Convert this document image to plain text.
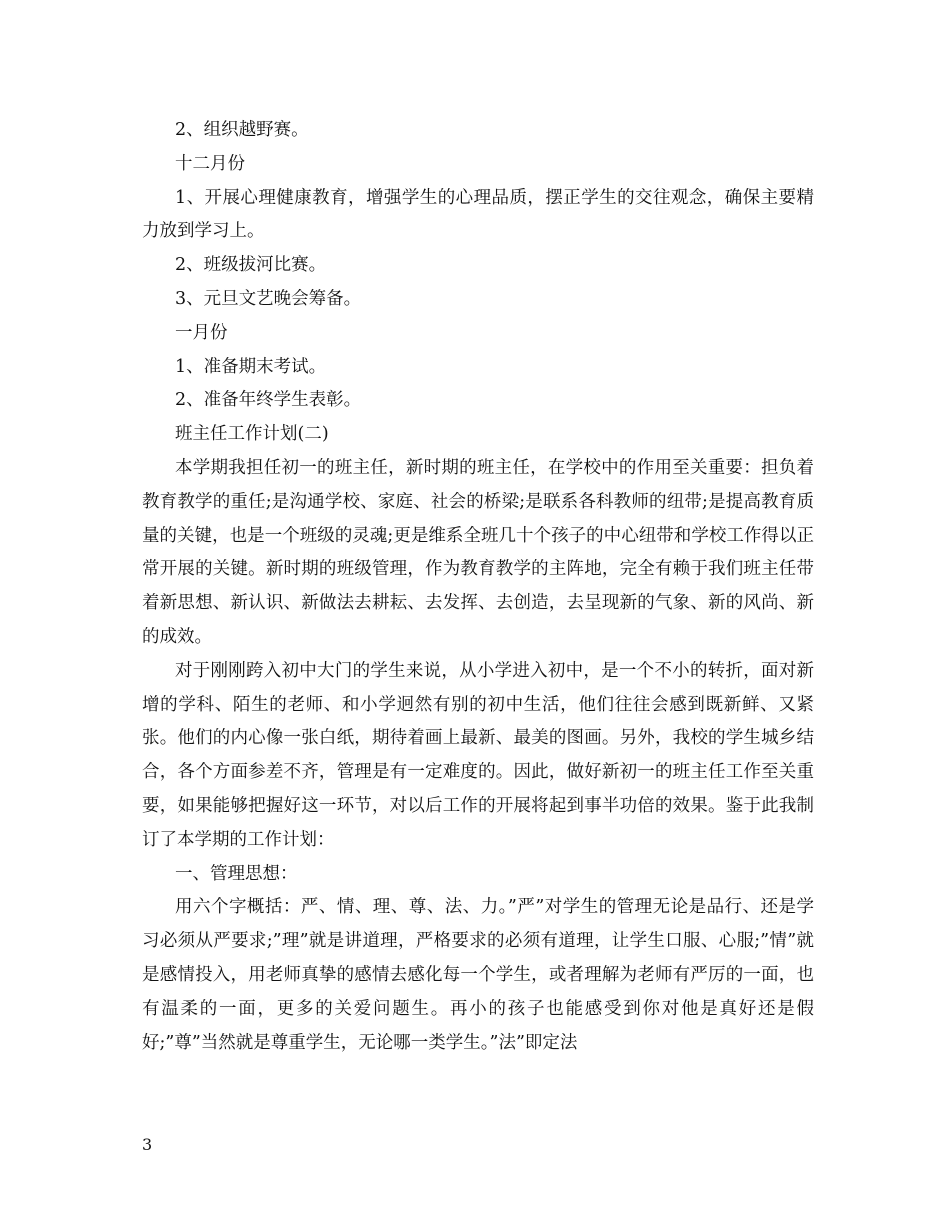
2、组织越野赛。

十二月份

1、开展心理健康教育，增强学生的心理品质，摆正学生的交往观念，确保主要精力放到学习上。

2、班级拔河比赛。

3、元旦文艺晚会筹备。

一月份

1、准备期末考试。

2、准备年终学生表彰。

班主任工作计划(二)

本学期我担任初一的班主任，新时期的班主任，在学校中的作用至关重要：担负着教育教学的重任;是沟通学校、家庭、社会的桥梁;是联系各科教师的纽带;是提高教育质量的关键，也是一个班级的灵魂;更是维系全班几十个孩子的中心纽带和学校工作得以正常开展的关键。新时期的班级管理，作为教育教学的主阵地，完全有赖于我们班主任带着新思想、新认识、新做法去耕耘、去发挥、去创造，去呈现新的气象、新的风尚、新的成效。

对于刚刚跨入初中大门的学生来说，从小学进入初中，是一个不小的转折，面对新增的学科、陌生的老师、和小学迥然有别的初中生活，他们往往会感到既新鲜、又紧张。他们的内心像一张白纸，期待着画上最新、最美的图画。另外，我校的学生城乡结合，各个方面参差不齐，管理是有一定难度的。因此，做好新初一的班主任工作至关重要，如果能够把握好这一环节，对以后工作的开展将起到事半功倍的效果。鉴于此我制订了本学期的工作计划：

一、管理思想：

用六个字概括：严、情、理、尊、法、力。”严”对学生的管理无论是品行、还是学习必须从严要求;”理”就是讲道理，严格要求的必须有道理，让学生口服、心服;”情”就是感情投入，用老师真挚的感情去感化每一个学生，或者理解为老师有严厉的一面，也有温柔的一面，更多的关爱问题生。再小的孩子也能感受到你对他是真好还是假好;”尊”当然就是尊重学生，无论哪一类学生。”法”即定法

3
